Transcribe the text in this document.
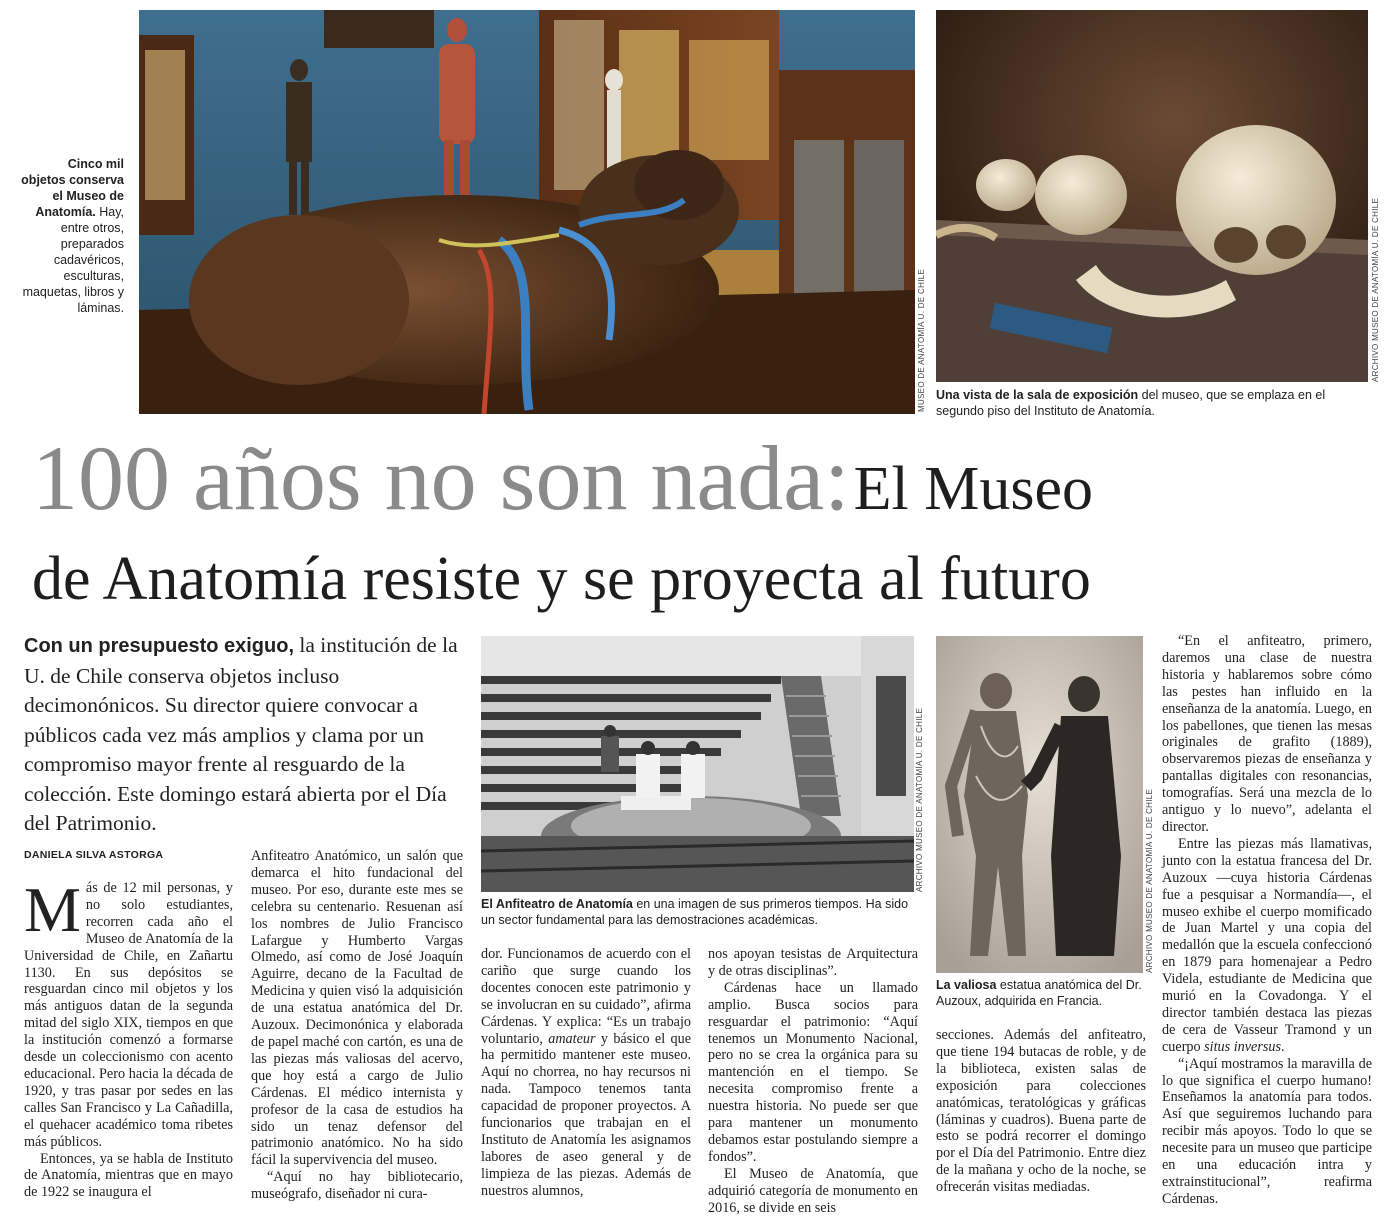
Cinco mil objetos conserva el Museo de Anatomía. Hay, entre otros, preparados cadavéricos, esculturas, maquetas, libros y láminas.	MUSEO DE ANATOMÍA U. DE CHILE	ARCHIVO MUSEO DE ANATOMÍA U. DE CHILE
Una vista de la sala de exposición del museo, que se emplaza en el segundo piso del Instituto de Anatomía.
100 años no son nada: El Museo
de Anatomía resiste y se proyecta al futuro
Con un presupuesto exiguo, la institución de la U. de Chile conserva objetos incluso decimonónicos. Su director quiere convocar a públicos cada vez más amplios y clama por un compromiso mayor frente al resguardo de la colección. Este domingo estará abierta por el Día del Patrimonio.
DANIELA SILVA ASTORGA

Más de 12 mil personas, y no solo estudiantes, recorren cada año el Museo de Anatomía de la Universidad de Chile, en Zañartu 1130. En sus depósitos se resguardan cinco mil objetos y los más antiguos datan de la segunda mitad del siglo XIX, tiempos en que la institución comenzó a formarse desde un coleccionismo con acento educacional. Pero hacia la década de 1920, y tras pasar por sedes en las calles San Francisco y La Cañadilla, el quehacer académico toma ribetes más públicos.

Entonces, ya se habla de Instituto de Anatomía, mientras que en mayo de 1922 se inaugura el

Anfiteatro Anatómico, un salón que demarca el hito fundacional del museo. Por eso, durante este mes se celebra su centenario. Resuenan así los nombres de Julio Francisco Lafargue y Humberto Vargas Olmedo, así como de José Joaquín Aguirre, decano de la Facultad de Medicina y quien visó la adquisición de una estatua anatómica del Dr. Auzoux. Decimonónica y elaborada de papel maché con cartón, es una de las piezas más valiosas del acervo, que hoy está a cargo de Julio Cárdenas. El médico internista y profesor de la casa de estudios ha sido un tenaz defensor del patrimonio anatómico. No ha sido fácil la supervivencia del museo.

“Aquí no hay bibliotecario, museógrafo, diseñador ni cura-

ARCHIVO MUSEO DE ANATOMÍA U. DE CHILE
El Anfiteatro de Anatomía en una imagen de sus primeros tiempos. Ha sido un sector fundamental para las demostraciones académicas.

dor. Funcionamos de acuerdo con el cariño que surge cuando los docentes conocen este patrimonio y se involucran en su cuidado”, afirma Cárdenas. Y explica: “Es un trabajo voluntario, amateur y básico el que ha permitido mantener este museo. Aquí no chorrea, no hay recursos ni nada. Tampoco tenemos tanta capacidad de proponer proyectos. A funcionarios que trabajan en el Instituto de Anatomía les asignamos labores de aseo general y de limpieza de las piezas. Además de nuestros alumnos,

nos apoyan tesistas de Arquitectura y de otras disciplinas”.

Cárdenas hace un llamado amplio. Busca socios para resguardar el patrimonio: “Aquí tenemos un Monumento Nacional, pero no se crea la orgánica para su mantención en el tiempo. Se necesita compromiso frente a nuestra historia. No puede ser que para mantener un monumento debamos estar postulando siempre a fondos”.

El Museo de Anatomía, que adquirió categoría de monumento en 2016, se divide en seis

ARCHIVO MUSEO DE ANATOMÍA U. DE CHILE
La valiosa estatua anatómica del Dr. Auzoux, adquirida en Francia.

secciones. Además del anfiteatro, que tiene 194 butacas de roble, y de la biblioteca, existen salas de exposición para colecciones anatómicas, teratológicas y gráficas (láminas y cuadros). Buena parte de esto se podrá recorrer el domingo por el Día del Patrimonio. Entre diez de la mañana y ocho de la noche, se ofrecerán visitas mediadas.

“En el anfiteatro, primero, daremos una clase de nuestra historia y hablaremos sobre cómo las pestes han influido en la enseñanza de la anatomía. Luego, en los pabellones, que tienen las mesas originales de grafito (1889), observaremos piezas de enseñanza y pantallas digitales con resonancias, tomografías. Será una mezcla de lo antiguo y lo nuevo”, adelanta el director.

Entre las piezas más llamativas, junto con la estatua francesa del Dr. Auzoux —cuya historia Cárdenas fue a pesquisar a Normandía—, el museo exhibe el cuerpo momificado de Juan Martel y una copia del medallón que la escuela confeccionó en 1879 para homenajear a Pedro Videla, estudiante de Medicina que murió en la Covadonga. Y el director también destaca las piezas de cera de Vasseur Tramond y un cuerpo situs inversus.

“¡Aquí mostramos la maravilla de lo que significa el cuerpo humano! Enseñamos la anatomía para todos. Así que seguiremos luchando para recibir más apoyos. Todo lo que se necesite para un museo que participe en una educación intra y extrainstitucional”, reafirma Cárdenas.
